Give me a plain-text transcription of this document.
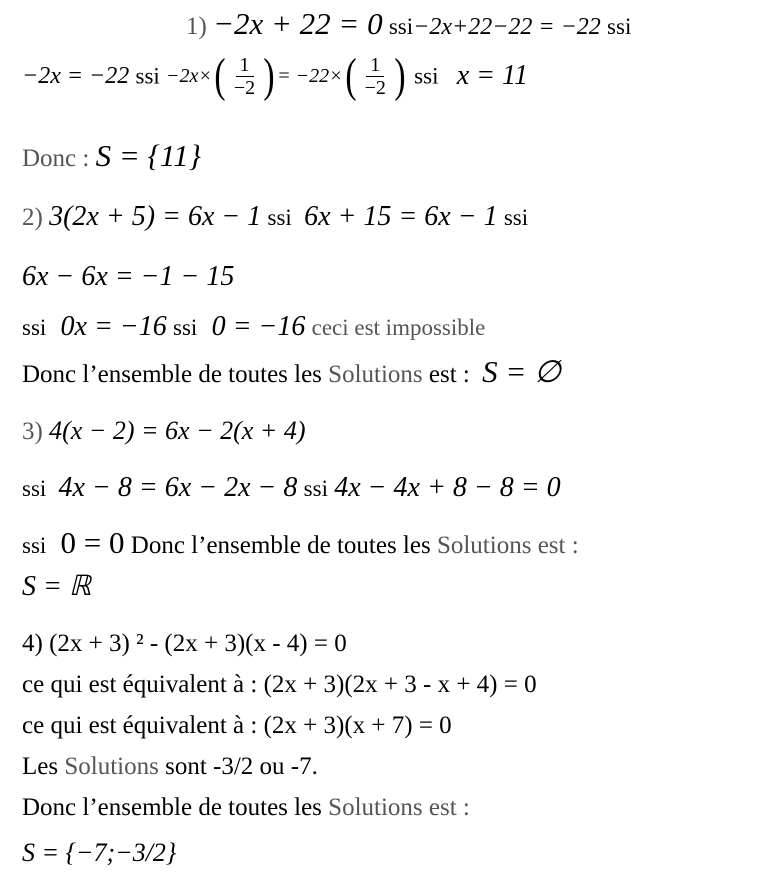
1) −2x + 22 = 0 ssi−2x+22−22 = −22 ssi
−2x = −22 ssi $-2x\times( \frac{1}{-2}$ ) = $-22\times( \frac{1}{-2}$ ) ssi x = 11
Donc : S = {11}
2) 3(2x + 5) = 6x − 1 ssi 6x + 15 = 6x − 1 ssi
6x − 6x = −1 − 15
ssi 0x = −16 ssi 0 = −16 ceci est impossible
Donc l’ensemble de toutes les Solutions est : S = ∅
3) 4(x − 2) = 6x − 2(x + 4)
ssi 4x − 8 = 6x − 2x − 8 ssi 4x − 4x + 8 − 8 = 0
ssi 0 = 0 Donc l’ensemble de toutes les Solutions est :
S = ℝ
4) (2x + 3) ² - (2x + 3)(x - 4) = 0
ce qui est équivalent à : (2x + 3)(2x + 3 - x + 4) = 0
ce qui est équivalent à : (2x + 3)(x + 7) = 0
Les Solutions sont -3/2 ou -7.
Donc l’ensemble de toutes les Solutions est :
S = {−7;−3/2}
